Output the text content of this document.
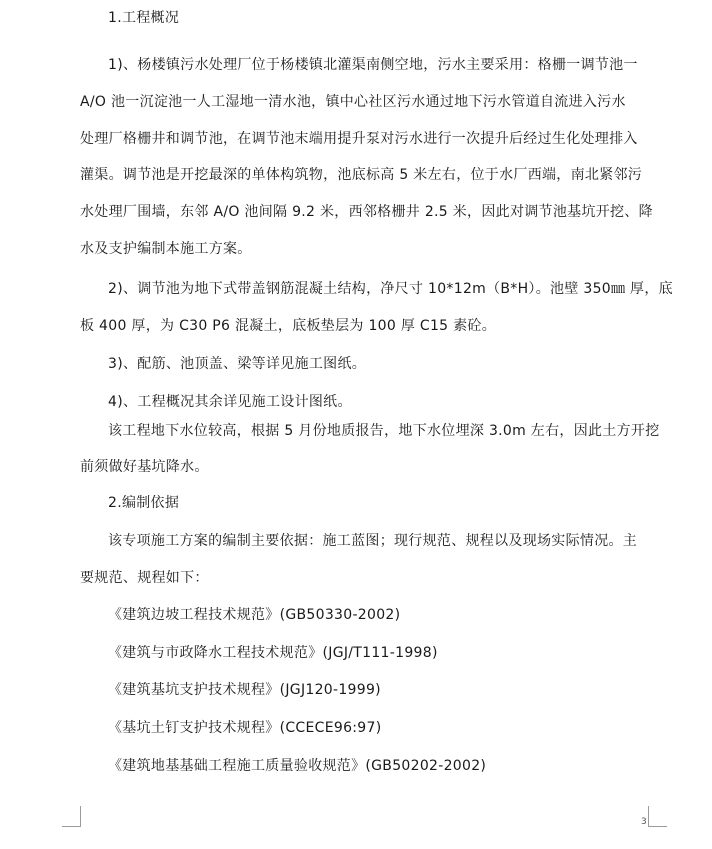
1.工程概况
1)、杨楼镇污水处理厂位于杨楼镇北灌渠南侧空地，污水主要采用：格栅一调节池一
A/O 池一沉淀池一人工湿地一清水池，镇中心社区污水通过地下污水管道自流进入污水
处理厂格栅井和调节池，在调节池末端用提升泵对污水进行一次提升后经过生化处理排入
灌渠。调节池是开挖最深的单体构筑物，池底标高 5 米左右，位于水厂西端，南北紧邻污
水处理厂围墙，东邻 A/O 池间隔 9.2 米，西邻格栅井 2.5 米，因此对调节池基坑开挖、降
水及支护编制本施工方案。
2)、调节池为地下式带盖钢筋混凝土结构，净尺寸 10*12m（B*H）。池壁 350㎜ 厚，底
板 400 厚，为 C30 P6 混凝土，底板垫层为 100 厚 C15 素砼。
3)、配筋、池顶盖、梁等详见施工图纸。
4)、工程概况其余详见施工设计图纸。
该工程地下水位较高，根据 5 月份地质报告，地下水位埋深 3.0m 左右，因此土方开挖
前须做好基坑降水。
2.编制依据
该专项施工方案的编制主要依据：施工蓝图；现行规范、规程以及现场实际情况。主
要规范、规程如下：
《建筑边坡工程技术规范》(GB50330-2002)
《建筑与市政降水工程技术规范》(JGJ/T111-1998)
《建筑基坑支护技术规程》(JGJ120-1999)
《基坑土钉支护技术规程》(CCECE96:97)
《建筑地基基础工程施工质量验收规范》(GB50202-2002)
3
